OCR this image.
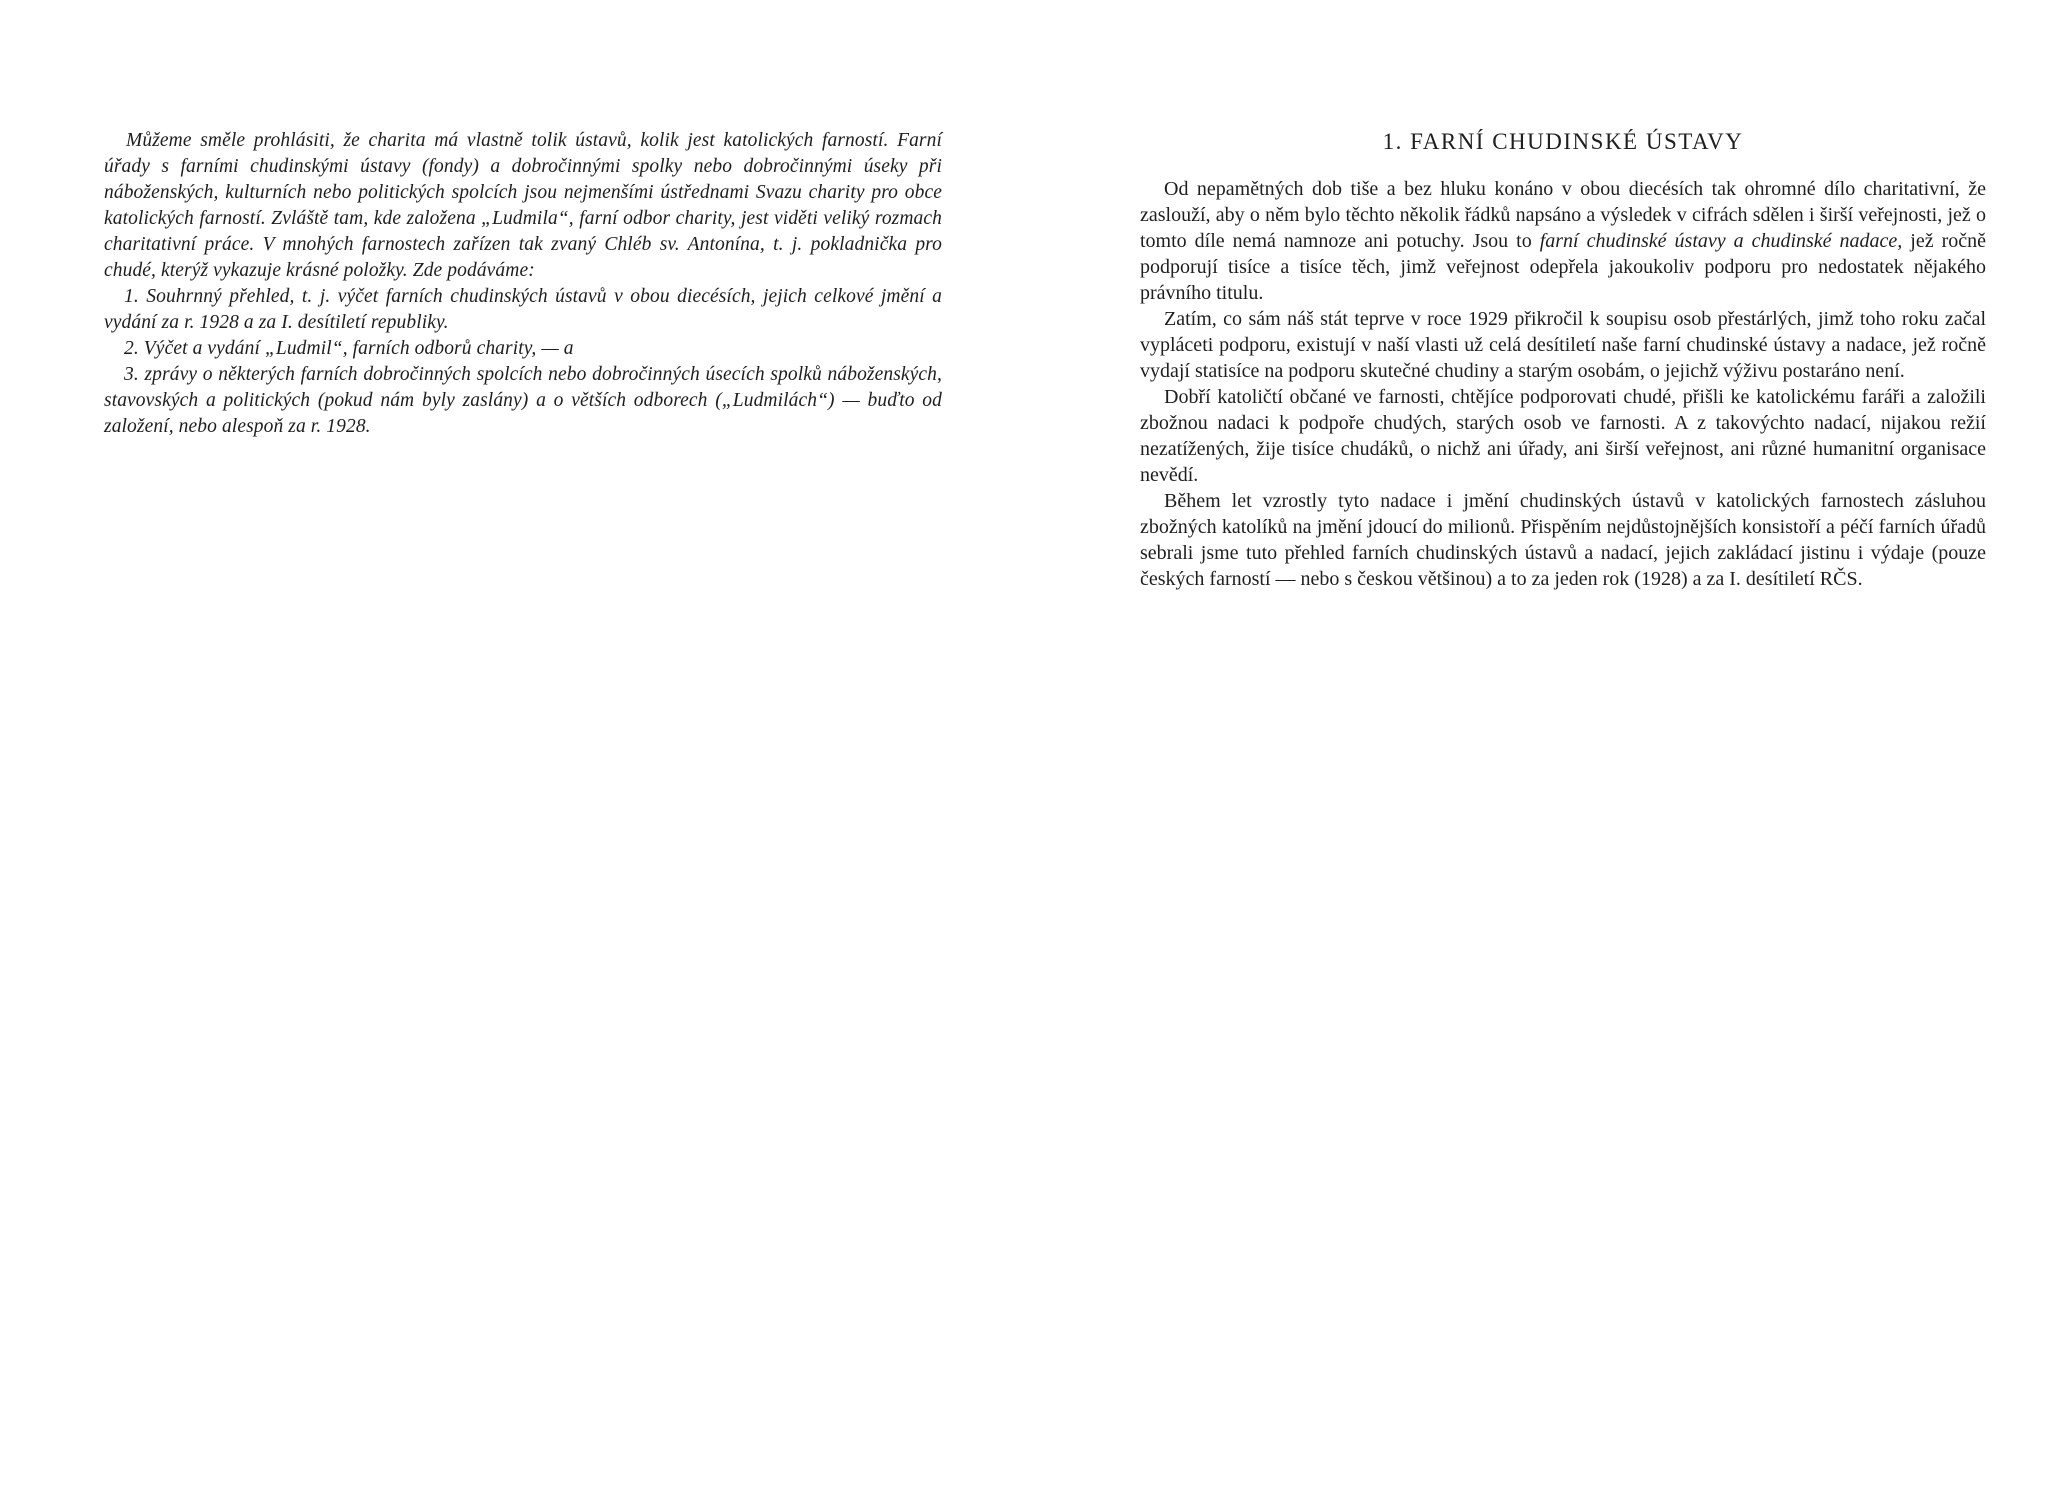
Můžeme směle prohlásiti, že charita má vlastně tolik ústavů, kolik jest katolických farností. Farní úřady s farními chudinskými ústavy (fondy) a dobročinnými spolky nebo dobročinnými úseky při náboženských, kulturních nebo politických spolcích jsou nejmenšími ústřednami Svazu charity pro obce katolických farností. Zvláště tam, kde založena „Ludmila“, farní odbor charity, jest viděti veliký rozmach charitativní práce. V mnohých farnostech zařízen tak zvaný Chléb sv. Antonína, t. j. pokladnička pro chudé, kterýž vykazuje krásné položky. Zde podáváme:

1. Souhrnný přehled, t. j. výčet farních chudinských ústavů v obou diecésích, jejich celkové jmění a vydání za r. 1928 a za I. desítiletí republiky.

2. Výčet a vydání „Ludmil“, farních odborů charity, — a

3. zprávy o některých farních dobročinných spolcích nebo dobročinných úsecích spolků náboženských, stavovských a politických (pokud nám byly zaslány) a o větších odborech („Ludmilách“) — buďto od založení, nebo alespoň za r. 1928.

1. FARNÍ CHUDINSKÉ ÚSTAVY

Od nepamětných dob tiše a bez hluku konáno v obou diecésích tak ohromné dílo charitativní, že zaslouží, aby o něm bylo těchto několik řádků napsáno a výsledek v cifrách sdělen i širší veřejnosti, jež o tomto díle nemá namnoze ani potuchy. Jsou to farní chudinské ústavy a chudinské nadace, jež ročně podporují tisíce a tisíce těch, jimž veřejnost odepřela jakoukoliv podporu pro nedostatek nějakého právního titulu.

Zatím, co sám náš stát teprve v roce 1929 přikročil k soupisu osob přestárlých, jimž toho roku začal vypláceti podporu, existují v naší vlasti už celá desítiletí naše farní chudinské ústavy a nadace, jež ročně vydají statisíce na podporu skutečné chudiny a starým osobám, o jejichž výživu postaráno není.

Dobří katoličtí občané ve farnosti, chtějíce podporovati chudé, přišli ke katolickému faráři a založili zbožnou nadaci k podpoře chudých, starých osob ve farnosti. A z takovýchto nadací, nijakou režií nezatížených, žije tisíce chudáků, o nichž ani úřady, ani širší veřejnost, ani různé humanitní organisace nevědí.

Během let vzrostly tyto nadace i jmění chudinských ústavů v katolických farnostech zásluhou zbožných katolíků na jmění jdoucí do milionů. Přispěním nejdůstojnějších konsistoří a péčí farních úřadů sebrali jsme tuto přehled farních chudinských ústavů a nadací, jejich zakládací jistinu i výdaje (pouze českých farností — nebo s českou většinou) a to za jeden rok (1928) a za I. desítiletí RČS.
